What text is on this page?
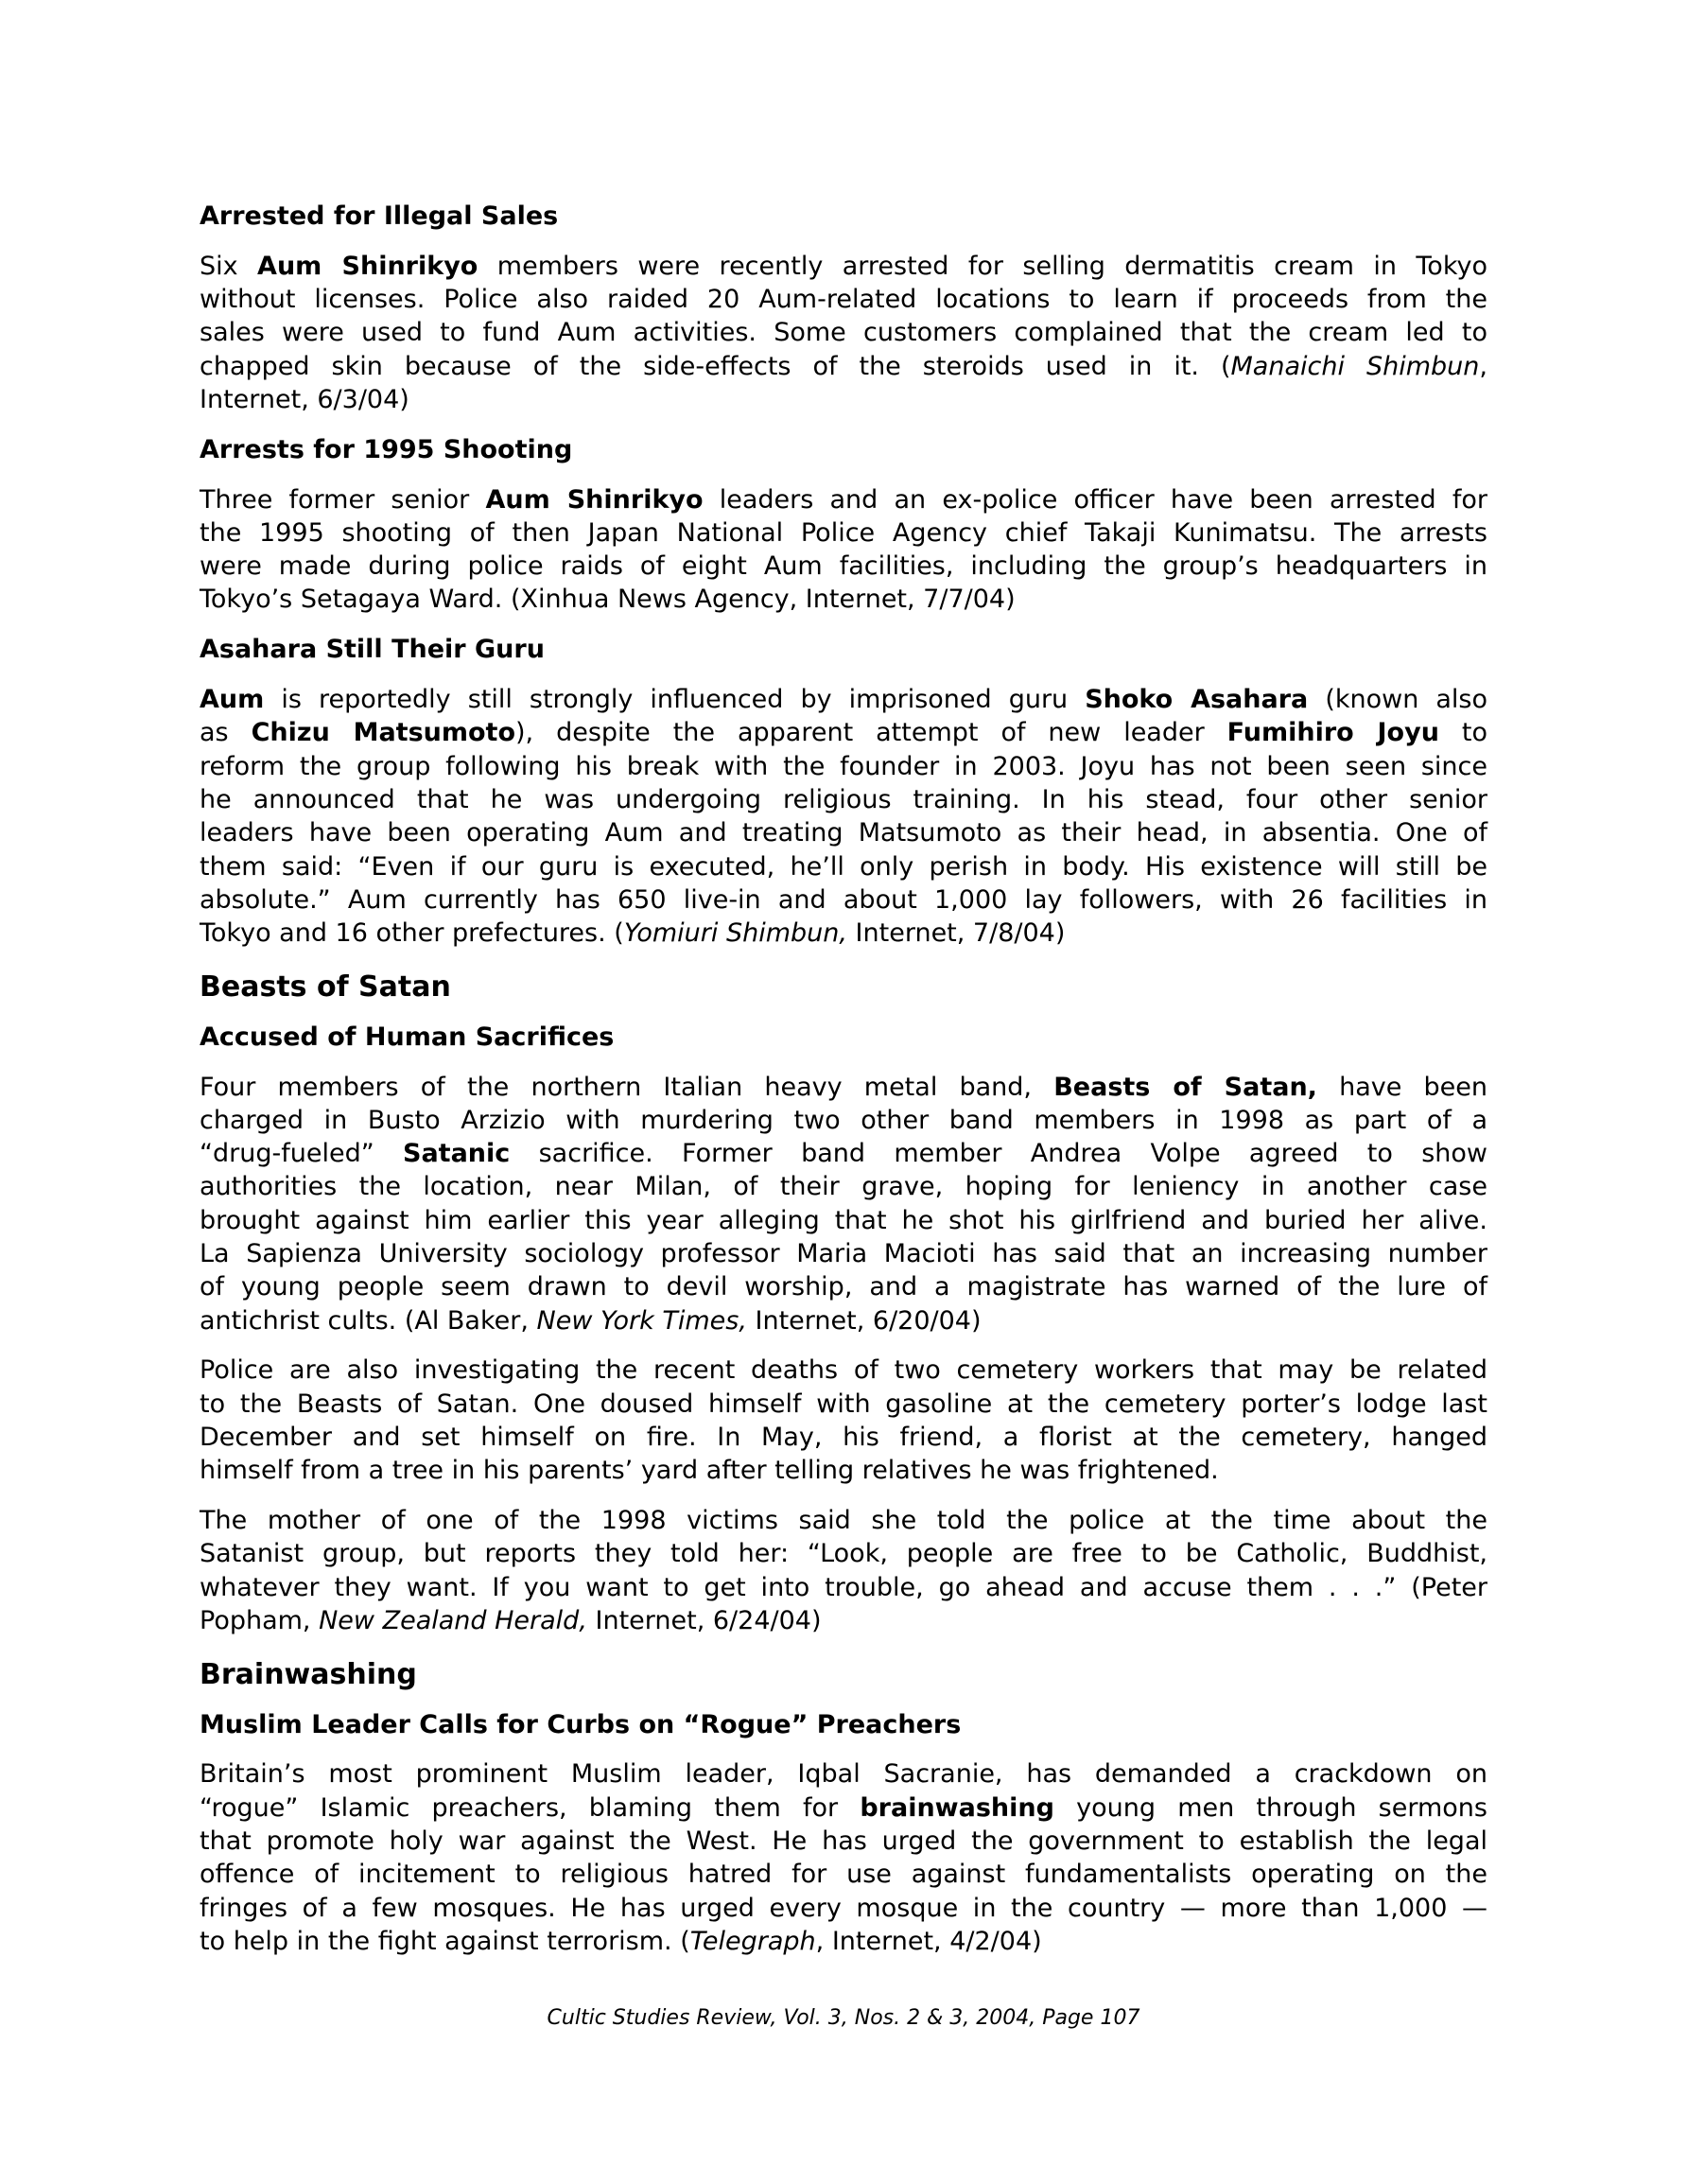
Arrested for Illegal Sales
Six Aum Shinrikyo members were recently arrested for selling dermatitis cream in Tokyo
without licenses. Police also raided 20 Aum-related locations to learn if proceeds from the
sales were used to fund Aum activities. Some customers complained that the cream led to
chapped skin because of the side-effects of the steroids used in it. (Manaichi Shimbun,
Internet, 6/3/04)
Arrests for 1995 Shooting
Three former senior Aum Shinrikyo leaders and an ex-police officer have been arrested for
the 1995 shooting of then Japan National Police Agency chief Takaji Kunimatsu. The arrests
were made during police raids of eight Aum facilities, including the group’s headquarters in
Tokyo’s Setagaya Ward. (Xinhua News Agency, Internet, 7/7/04)
Asahara Still Their Guru
Aum is reportedly still strongly influenced by imprisoned guru Shoko Asahara (known also
as Chizu Matsumoto), despite the apparent attempt of new leader Fumihiro Joyu to
reform the group following his break with the founder in 2003. Joyu has not been seen since
he announced that he was undergoing religious training. In his stead, four other senior
leaders have been operating Aum and treating Matsumoto as their head, in absentia. One of
them said: “Even if our guru is executed, he’ll only perish in body. His existence will still be
absolute.” Aum currently has 650 live-in and about 1,000 lay followers, with 26 facilities in
Tokyo and 16 other prefectures. (Yomiuri Shimbun, Internet, 7/8/04)
Beasts of Satan
Accused of Human Sacrifices
Four members of the northern Italian heavy metal band, Beasts of Satan, have been
charged in Busto Arzizio with murdering two other band members in 1998 as part of a
“drug-fueled” Satanic sacrifice. Former band member Andrea Volpe agreed to show
authorities the location, near Milan, of their grave, hoping for leniency in another case
brought against him earlier this year alleging that he shot his girlfriend and buried her alive.
La Sapienza University sociology professor Maria Macioti has said that an increasing number
of young people seem drawn to devil worship, and a magistrate has warned of the lure of
antichrist cults. (Al Baker, New York Times, Internet, 6/20/04)
Police are also investigating the recent deaths of two cemetery workers that may be related
to the Beasts of Satan. One doused himself with gasoline at the cemetery porter’s lodge last
December and set himself on fire. In May, his friend, a florist at the cemetery, hanged
himself from a tree in his parents’ yard after telling relatives he was frightened.
The mother of one of the 1998 victims said she told the police at the time about the
Satanist group, but reports they told her: “Look, people are free to be Catholic, Buddhist,
whatever they want. If you want to get into trouble, go ahead and accuse them . . .” (Peter
Popham, New Zealand Herald, Internet, 6/24/04)
Brainwashing
Muslim Leader Calls for Curbs on “Rogue” Preachers
Britain’s most prominent Muslim leader, Iqbal Sacranie, has demanded a crackdown on
“rogue” Islamic preachers, blaming them for brainwashing young men through sermons
that promote holy war against the West. He has urged the government to establish the legal
offence of incitement to religious hatred for use against fundamentalists operating on the
fringes of a few mosques. He has urged every mosque in the country — more than 1,000 —
to help in the fight against terrorism. (Telegraph, Internet, 4/2/04)
Cultic Studies Review, Vol. 3, Nos. 2 & 3, 2004, Page 107
